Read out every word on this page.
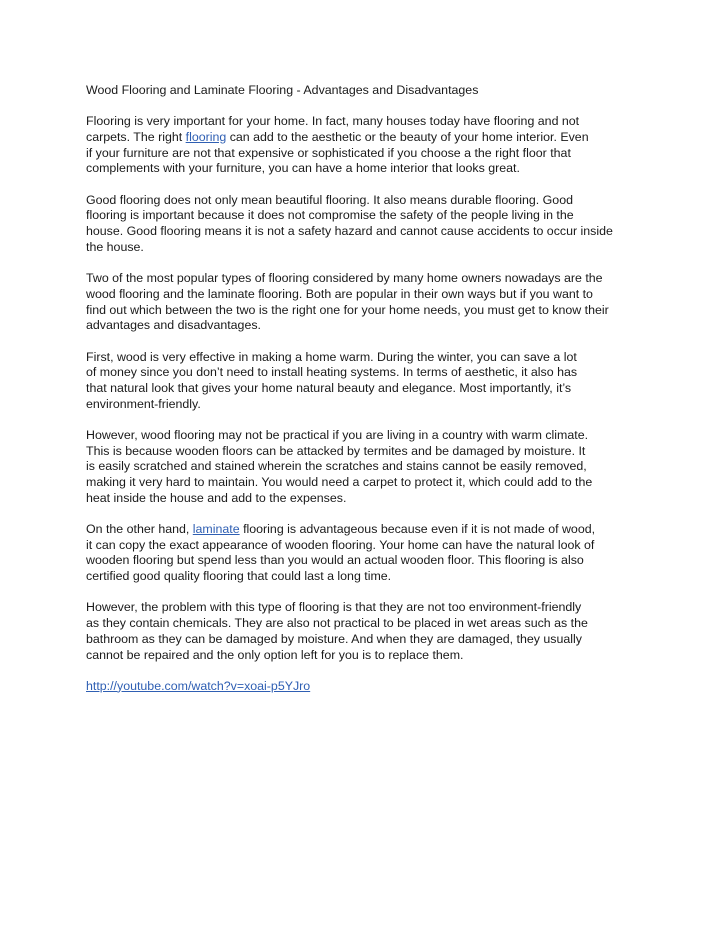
Wood Flooring and Laminate Flooring - Advantages and Disadvantages

Flooring is very important for your home. In fact, many houses today have flooring and not
carpets. The right flooring can add to the aesthetic or the beauty of your home interior. Even
if your furniture are not that expensive or sophisticated if you choose a the right floor that
complements with your furniture, you can have a home interior that looks great.

Good flooring does not only mean beautiful flooring. It also means durable flooring. Good
flooring is important because it does not compromise the safety of the people living in the
house. Good flooring means it is not a safety hazard and cannot cause accidents to occur inside
the house.

Two of the most popular types of flooring considered by many home owners nowadays are the
wood flooring and the laminate flooring. Both are popular in their own ways but if you want to
find out which between the two is the right one for your home needs, you must get to know their
advantages and disadvantages.

First, wood is very effective in making a home warm. During the winter, you can save a lot
of money since you don’t need to install heating systems. In terms of aesthetic, it also has
that natural look that gives your home natural beauty and elegance. Most importantly, it’s
environment-friendly.

However, wood flooring may not be practical if you are living in a country with warm climate.
This is because wooden floors can be attacked by termites and be damaged by moisture. It
is easily scratched and stained wherein the scratches and stains cannot be easily removed,
making it very hard to maintain. You would need a carpet to protect it, which could add to the
heat inside the house and add to the expenses.

On the other hand, laminate flooring is advantageous because even if it is not made of wood,
it can copy the exact appearance of wooden flooring. Your home can have the natural look of
wooden flooring but spend less than you would an actual wooden floor. This flooring is also
certified good quality flooring that could last a long time.

However, the problem with this type of flooring is that they are not too environment-friendly
as they contain chemicals. They are also not practical to be placed in wet areas such as the
bathroom as they can be damaged by moisture. And when they are damaged, they usually
cannot be repaired and the only option left for you is to replace them.

http://youtube.com/watch?v=xoai-p5YJro
